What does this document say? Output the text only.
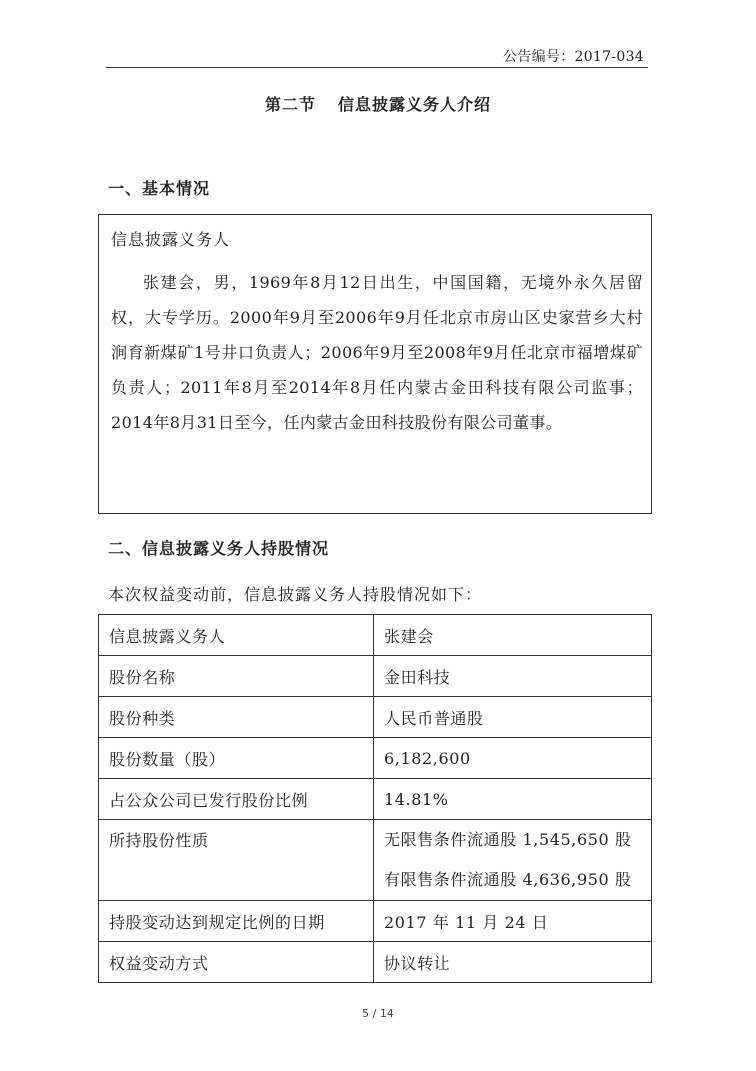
公告编号：2017-034
第二节 信息披露义务人介绍
一、基本情况
信息披露义务人
张建会，男，1969年8月12日出生，中国国籍，无境外永久居留权，大专学历。2000年9月至2006年9月任北京市房山区史家营乡大村涧育新煤矿1号井口负责人；2006年9月至2008年9月任北京市福增煤矿负责人；2011年8月至2014年8月任内蒙古金田科技有限公司监事；2014年8月31日至今，任内蒙古金田科技股份有限公司董事。
二、信息披露义务人持股情况
本次权益变动前，信息披露义务人持股情况如下：
信息披露义务人	张建会
股份名称	金田科技
股份种类	人民币普通股
股份数量（股）	6,182,600
占公众公司已发行股份比例	14.81%
所持股份性质	无限售条件流通股 1,545,650 股
有限售条件流通股 4,636,950 股

持股变动达到规定比例的日期	2017 年 11 月 24 日
权益变动方式	协议转让
5 / 14
